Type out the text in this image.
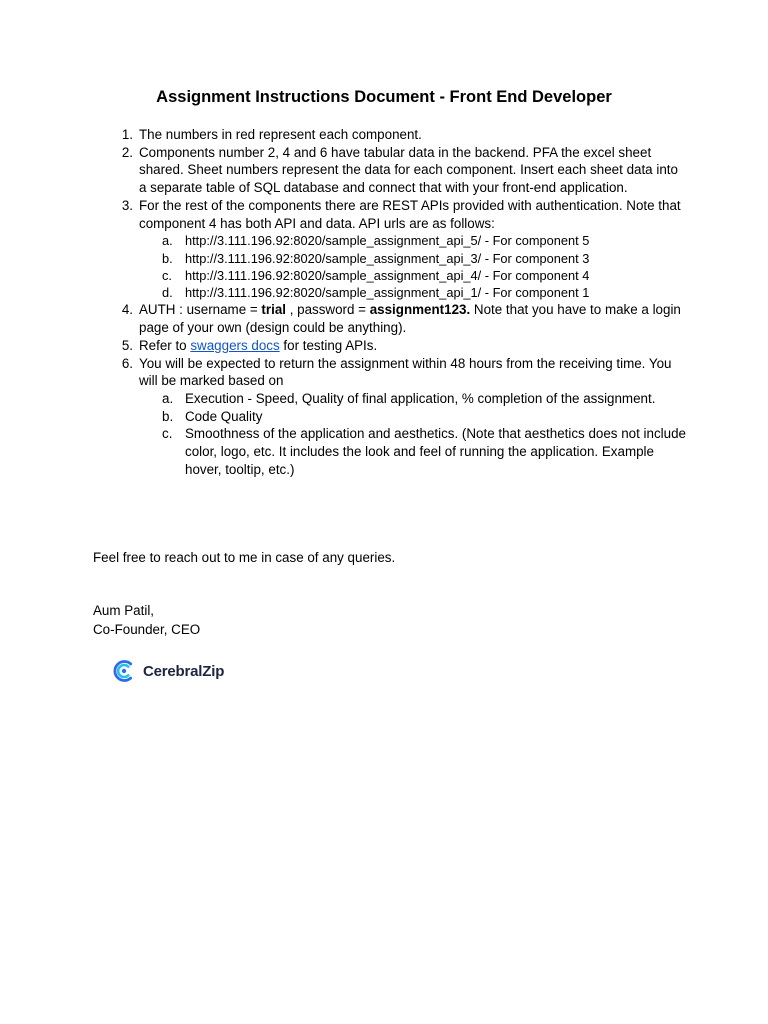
Assignment Instructions Document - Front End Developer
1. The numbers in red represent each component.
2. Components number 2, 4 and 6 have tabular data in the backend. PFA the excel sheet shared. Sheet numbers represent the data for each component. Insert each sheet data into a separate table of SQL database and connect that with your front-end application.
3. For the rest of the components there are REST APIs provided with authentication. Note that component 4 has both API and data. API urls are as follows:
a. http://3.111.196.92:8020/sample_assignment_api_5/ - For component 5
b. http://3.111.196.92:8020/sample_assignment_api_3/ - For component 3
c. http://3.111.196.92:8020/sample_assignment_api_4/ - For component 4
d. http://3.111.196.92:8020/sample_assignment_api_1/ - For component 1
4. AUTH : username = trial , password = assignment123. Note that you have to make a login page of your own (design could be anything).
5. Refer to swaggers docs for testing APIs.
6. You will be expected to return the assignment within 48 hours from the receiving time. You will be marked based on
a. Execution - Speed, Quality of final application, % completion of the assignment.
b. Code Quality
c. Smoothness of the application and aesthetics. (Note that aesthetics does not include color, logo, etc. It includes the look and feel of running the application. Example hover, tooltip, etc.)

Feel free to reach out to me in case of any queries.

Aum Patil,
Co-Founder, CEO
CerebralZip
